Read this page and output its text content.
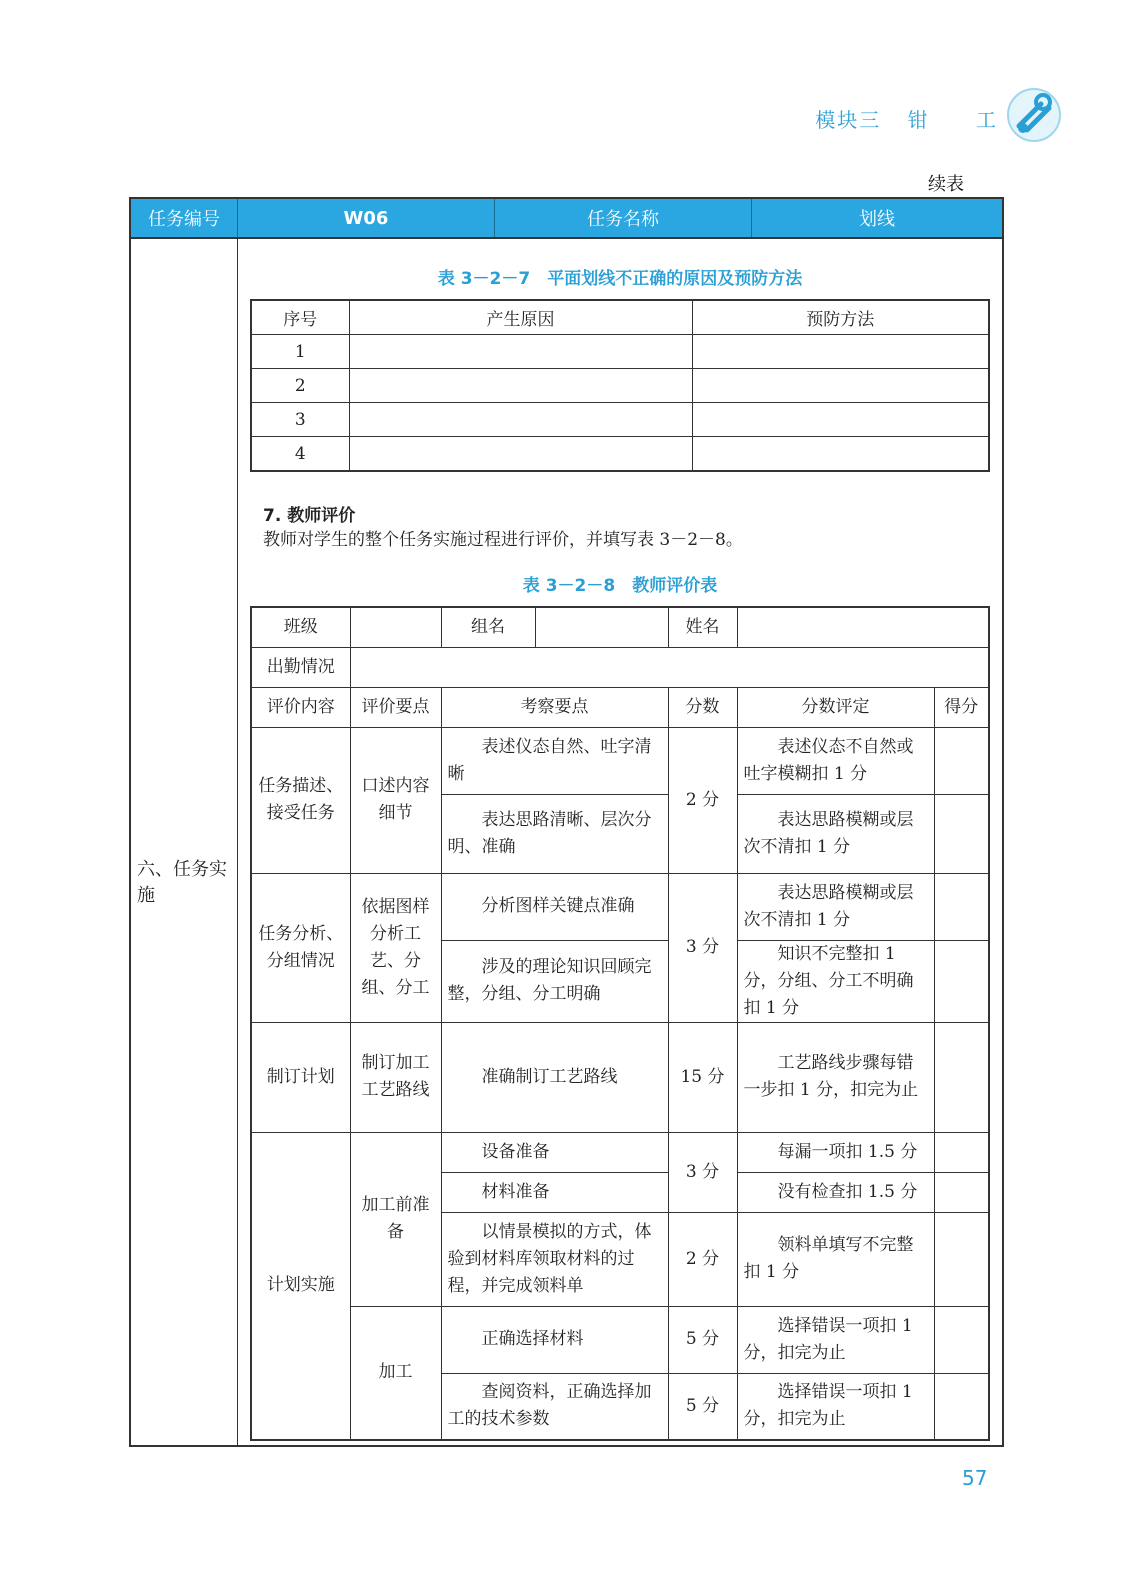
模块三 钳 工
续表
任务编号	W06	任务名称	划线
六、任务实施
表 3－2－7　平面划线不正确的原因及预防方法
序号	产生原因	预防方法
1		
2		
3		
4		
7. 教师评价
教师对学生的整个任务实施过程进行评价，并填写表 3－2－8。
表 3－2－8　教师评价表
班级		组名		姓名		
出勤情况						
评价内容	评价要点	考察要点		分数	分数评定	得分
任务描述、接受任务	口述内容细节	表述仪态自然、吐字清晰		2 分	表述仪态不自然或吐字模糊扣 1 分	
		表达思路清晰、层次分明、准确			表达思路模糊或层次不清扣 1 分	
任务分析、分组情况	依据图样分析工艺、分组、分工	分析图样关键点准确		3 分	表达思路模糊或层次不清扣 1 分	
		涉及的理论知识回顾完整，分组、分工明确			知识不完整扣 1 分，分组、分工不明确扣 1 分	
制订计划	制订加工工艺路线	准确制订工艺路线		15 分	工艺路线步骤每错一步扣 1 分，扣完为止	
计划实施	加工前准备	设备准备		3 分	每漏一项扣 1.5 分	
		材料准备			没有检查扣 1.5 分	
		以情景模拟的方式，体验到材料库领取材料的过程，并完成领料单		2 分	领料单填写不完整扣 1 分	
	加工	正确选择材料		5 分	选择错误一项扣 1 分，扣完为止	
		查阅资料，正确选择加工的技术参数		5 分	选择错误一项扣 1 分，扣完为止	
57
